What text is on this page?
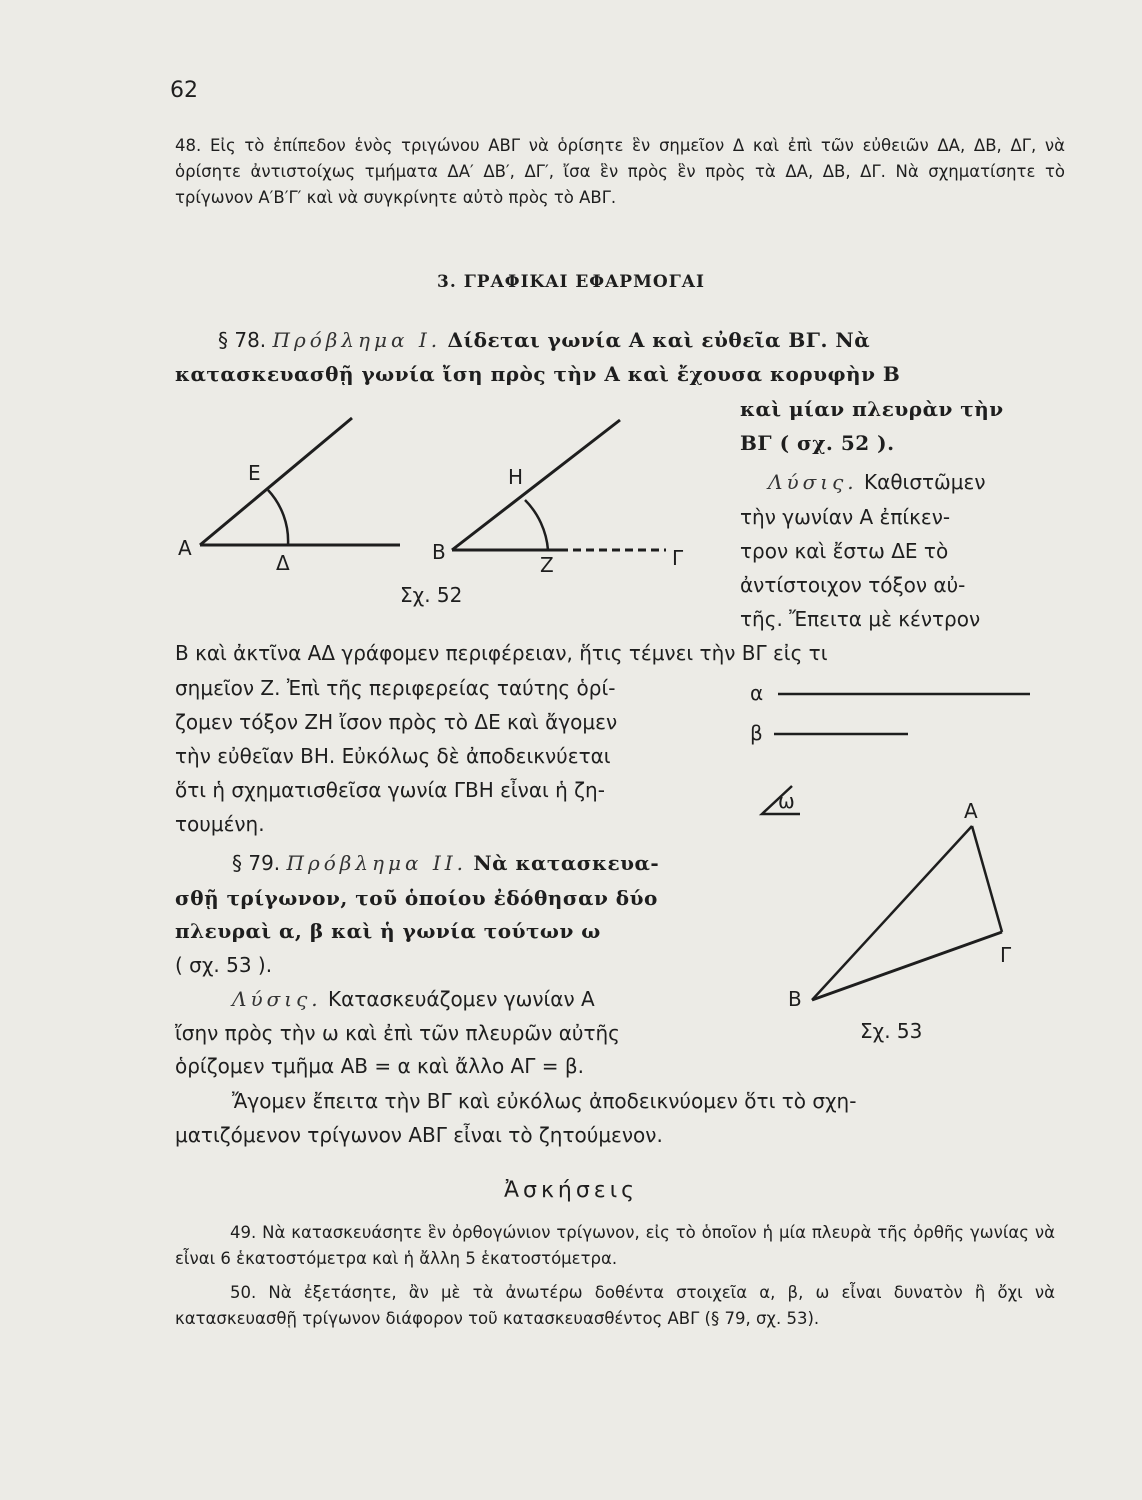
62

48. Εἰς τὸ ἐπίπεδον ἑνὸς τριγώνου ΑΒΓ νὰ ὁρίσητε ἓν σημεῖον Δ καὶ ἐπὶ τῶν εὐθειῶν ΔΑ, ΔΒ, ΔΓ, νὰ ὁρίσητε ἀντιστοίχως τμήματα ΔΑ′ ΔΒ′, ΔΓ′, ἴσα ἓν πρὸς ἓν πρὸς τὰ ΔΑ, ΔΒ, ΔΓ. Νὰ σχηματίσητε τὸ τρίγωνον Α′Β′Γ′ καὶ νὰ συγκρίνητε αὐτὸ πρὸς τὸ ΑΒΓ.

3. ΓΡΑΦΙΚΑΙ ΕΦΑΡΜΟΓΑΙ
§ 78. Πρόβλημα Ι. Δίδεται γωνία Α καὶ εὐθεῖα ΒΓ. Νὰ
κατασκευασθῇ γωνία ἴση πρὸς τὴν Α καὶ ἔχουσα κορυφὴν Β
καὶ μίαν πλευρὰν τὴν
ΒΓ ( σχ. 52 ).
Λύσις. Καθιστῶμεν
τὴν γωνίαν Α ἐπίκεν-
τρον καὶ ἔστω ΔΕ τὸ
ἀντίστοιχον τόξον αὐ-
τῆς. Ἔπειτα μὲ κέντρον
Β καὶ ἀκτῖνα ΑΔ γράφομεν περιφέρειαν, ἥτις τέμνει τὴν ΒΓ εἰς τι
σημεῖον Ζ. Ἐπὶ τῆς περιφερείας ταύτης ὁρί-
ζομεν τόξον ΖΗ ἴσον πρὸς τὸ ΔΕ καὶ ἄγομεν
τὴν εὐθεῖαν ΒΗ. Εὐκόλως δὲ ἀποδεικνύεται
ὅτι ἡ σχηματισθεῖσα γωνία ΓΒΗ εἶναι ἡ ζη-
τουμένη.
Α
Ε
Δ	Β
Η
Ζ	Γ
Σχ. 52
§ 79. Πρόβλημα ΙΙ. Νὰ κατασκευα-
σθῇ τρίγωνον, τοῦ ὁποίου ἐδόθησαν δύο
πλευραὶ α, β καὶ ἡ γωνία τούτων ω
( σχ. 53 ).
Λύσις. Κατασκευάζομεν γωνίαν Α
ἴσην πρὸς τὴν ω καὶ ἐπὶ τῶν πλευρῶν αὐτῆς
ὁρίζομεν τμῆμα ΑΒ = α καὶ ἄλλο ΑΓ = β.
Ἄγομεν ἔπειτα τὴν ΒΓ καὶ εὐκόλως ἀποδεικνύομεν ὅτι τὸ σχη-
ματιζόμενον τρίγωνον ΑΒΓ εἶναι τὸ ζητούμενον.
α
β
ω	Α
Β
Γ
Σχ. 53
Ἀσκήσεις

49. Νὰ κατασκευάσητε ἓν ὀρθογώνιον τρίγωνον, εἰς τὸ ὁποῖον ἡ μία πλευρὰ τῆς ὀρθῆς γωνίας νὰ εἶναι 6 ἑκατοστόμετρα καὶ ἡ ἄλλη 5 ἑκατοστόμετρα.

50. Νὰ ἐξετάσητε, ἂν μὲ τὰ ἀνωτέρω δοθέντα στοιχεῖα α, β, ω εἶναι δυνατὸν ἢ ὄχι νὰ κατασκευασθῇ τρίγωνον διάφορον τοῦ κατασκευασθέντος ΑΒΓ (§ 79, σχ. 53).
